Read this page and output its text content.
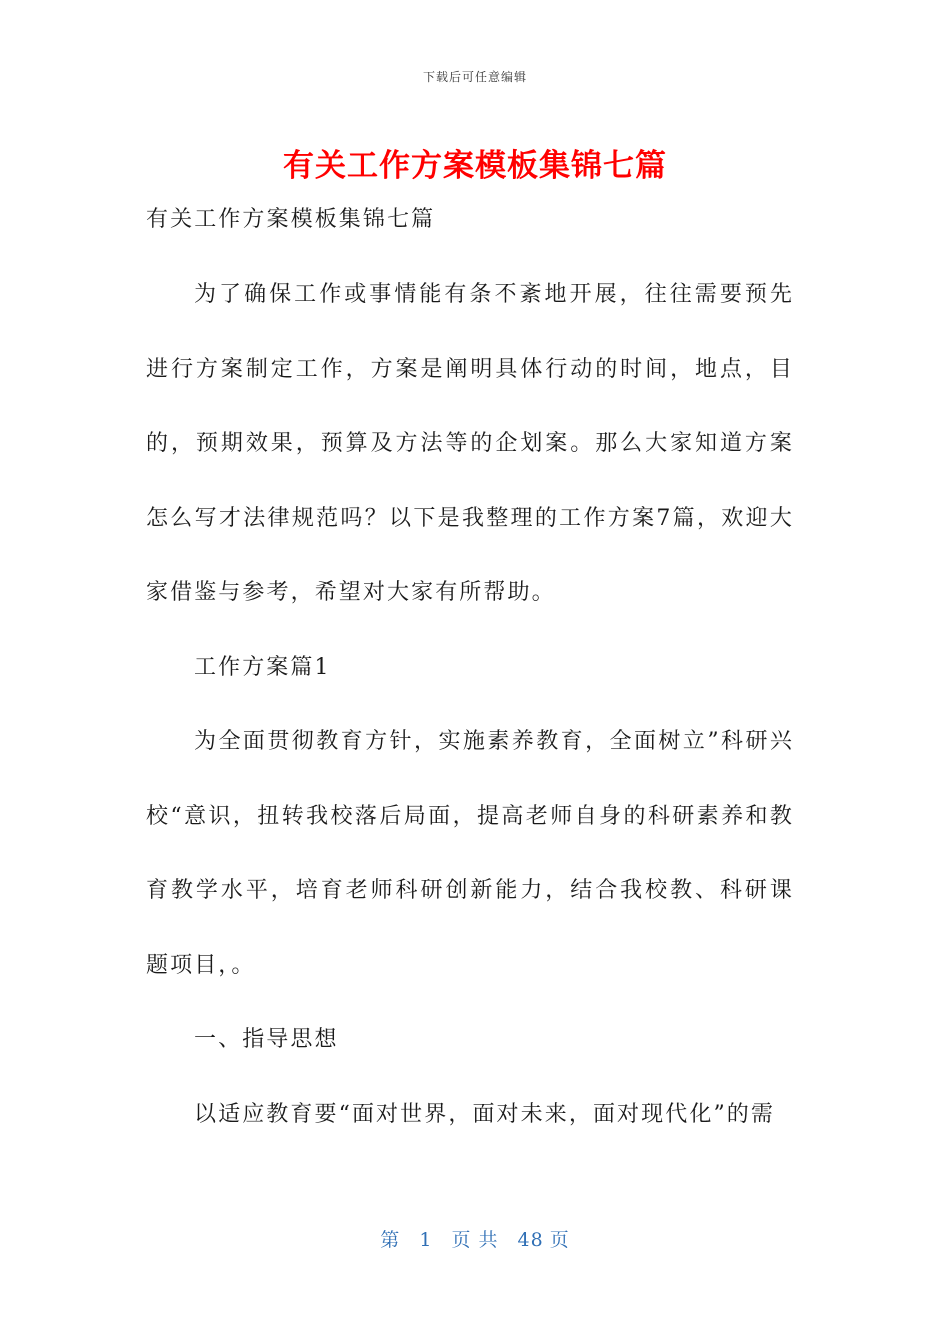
下载后可任意编辑
有关工作方案模板集锦七篇
有关工作方案模板集锦七篇

为了确保工作或事情能有条不紊地开展，往往需要预先进行方案制定工作，方案是阐明具体行动的时间，地点，目的，预期效果，预算及方法等的企划案。那么大家知道方案怎么写才法律规范吗？以下是我整理的工作方案7篇，欢迎大家借鉴与参考，希望对大家有所帮助。

工作方案篇1

为全面贯彻教育方针，实施素养教育，全面树立”科研兴校“意识，扭转我校落后局面，提高老师自身的科研素养和教育教学水平，培育老师科研创新能力，结合我校教、科研课题项目，。

一、指导思想

以适应教育要“面对世界，面对未来，面对现代化”的需

第 1 页 共 48 页
